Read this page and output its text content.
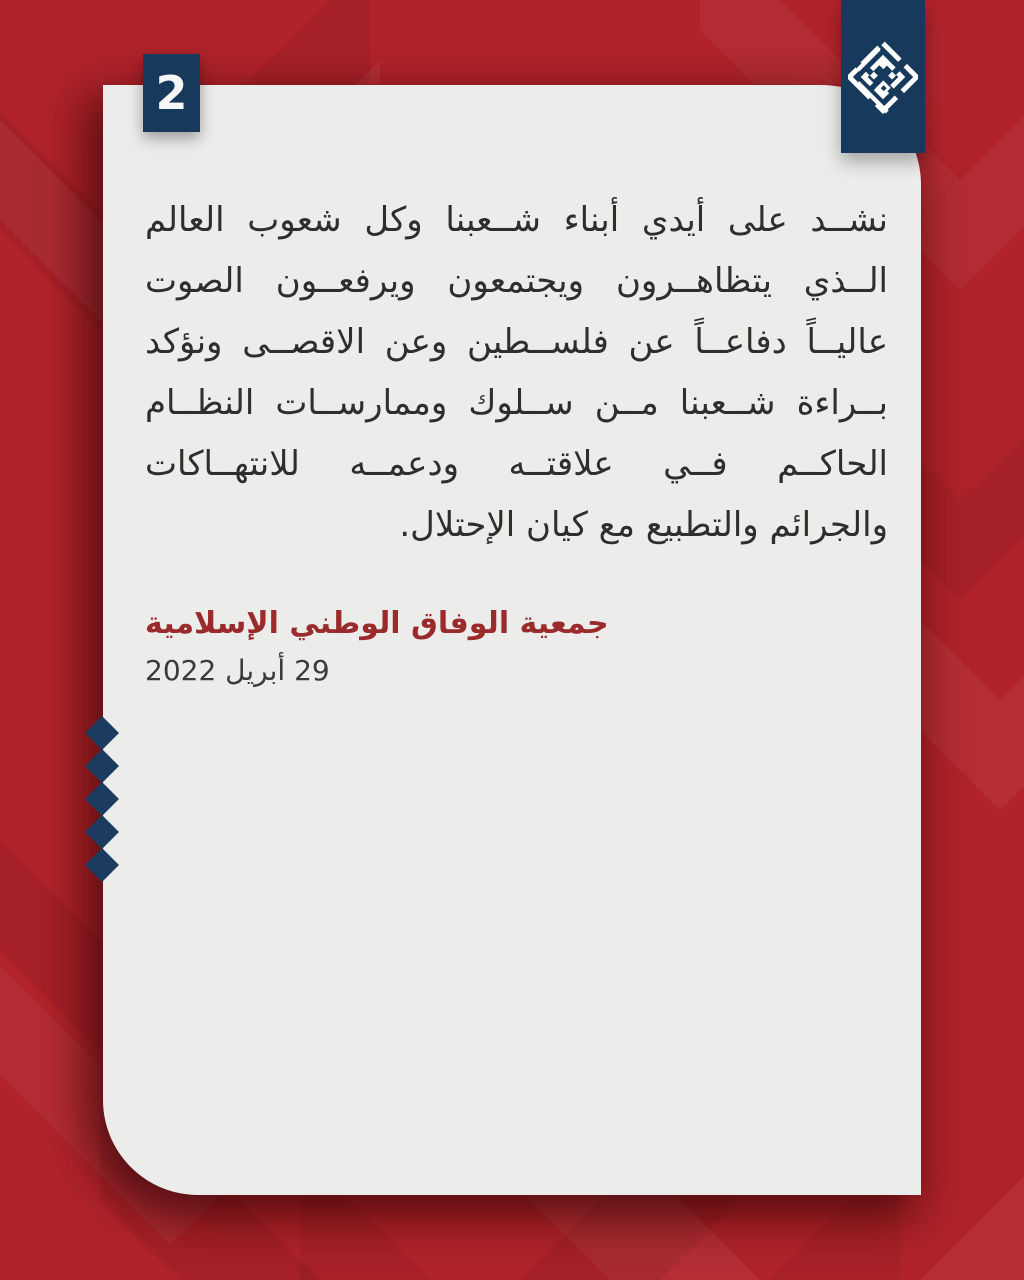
نشــد على أيدي أبناء شــعبنا وكل شعوب العالم
الــذي يتظاهــرون ويجتمعون ويرفعــون الصوت
عاليــاً دفاعــاً عن فلســطين وعن الاقصــى ونؤكد
بــراءة شــعبنا مــن ســلوك وممارســات النظــام
الحاكــم فــي علاقتــه ودعمــه للانتهــاكات
والجرائم والتطبيع مع كيان الإحتلال.
جمعية الوفاق الوطني الإسلامية
29 أبريل 2022
2
